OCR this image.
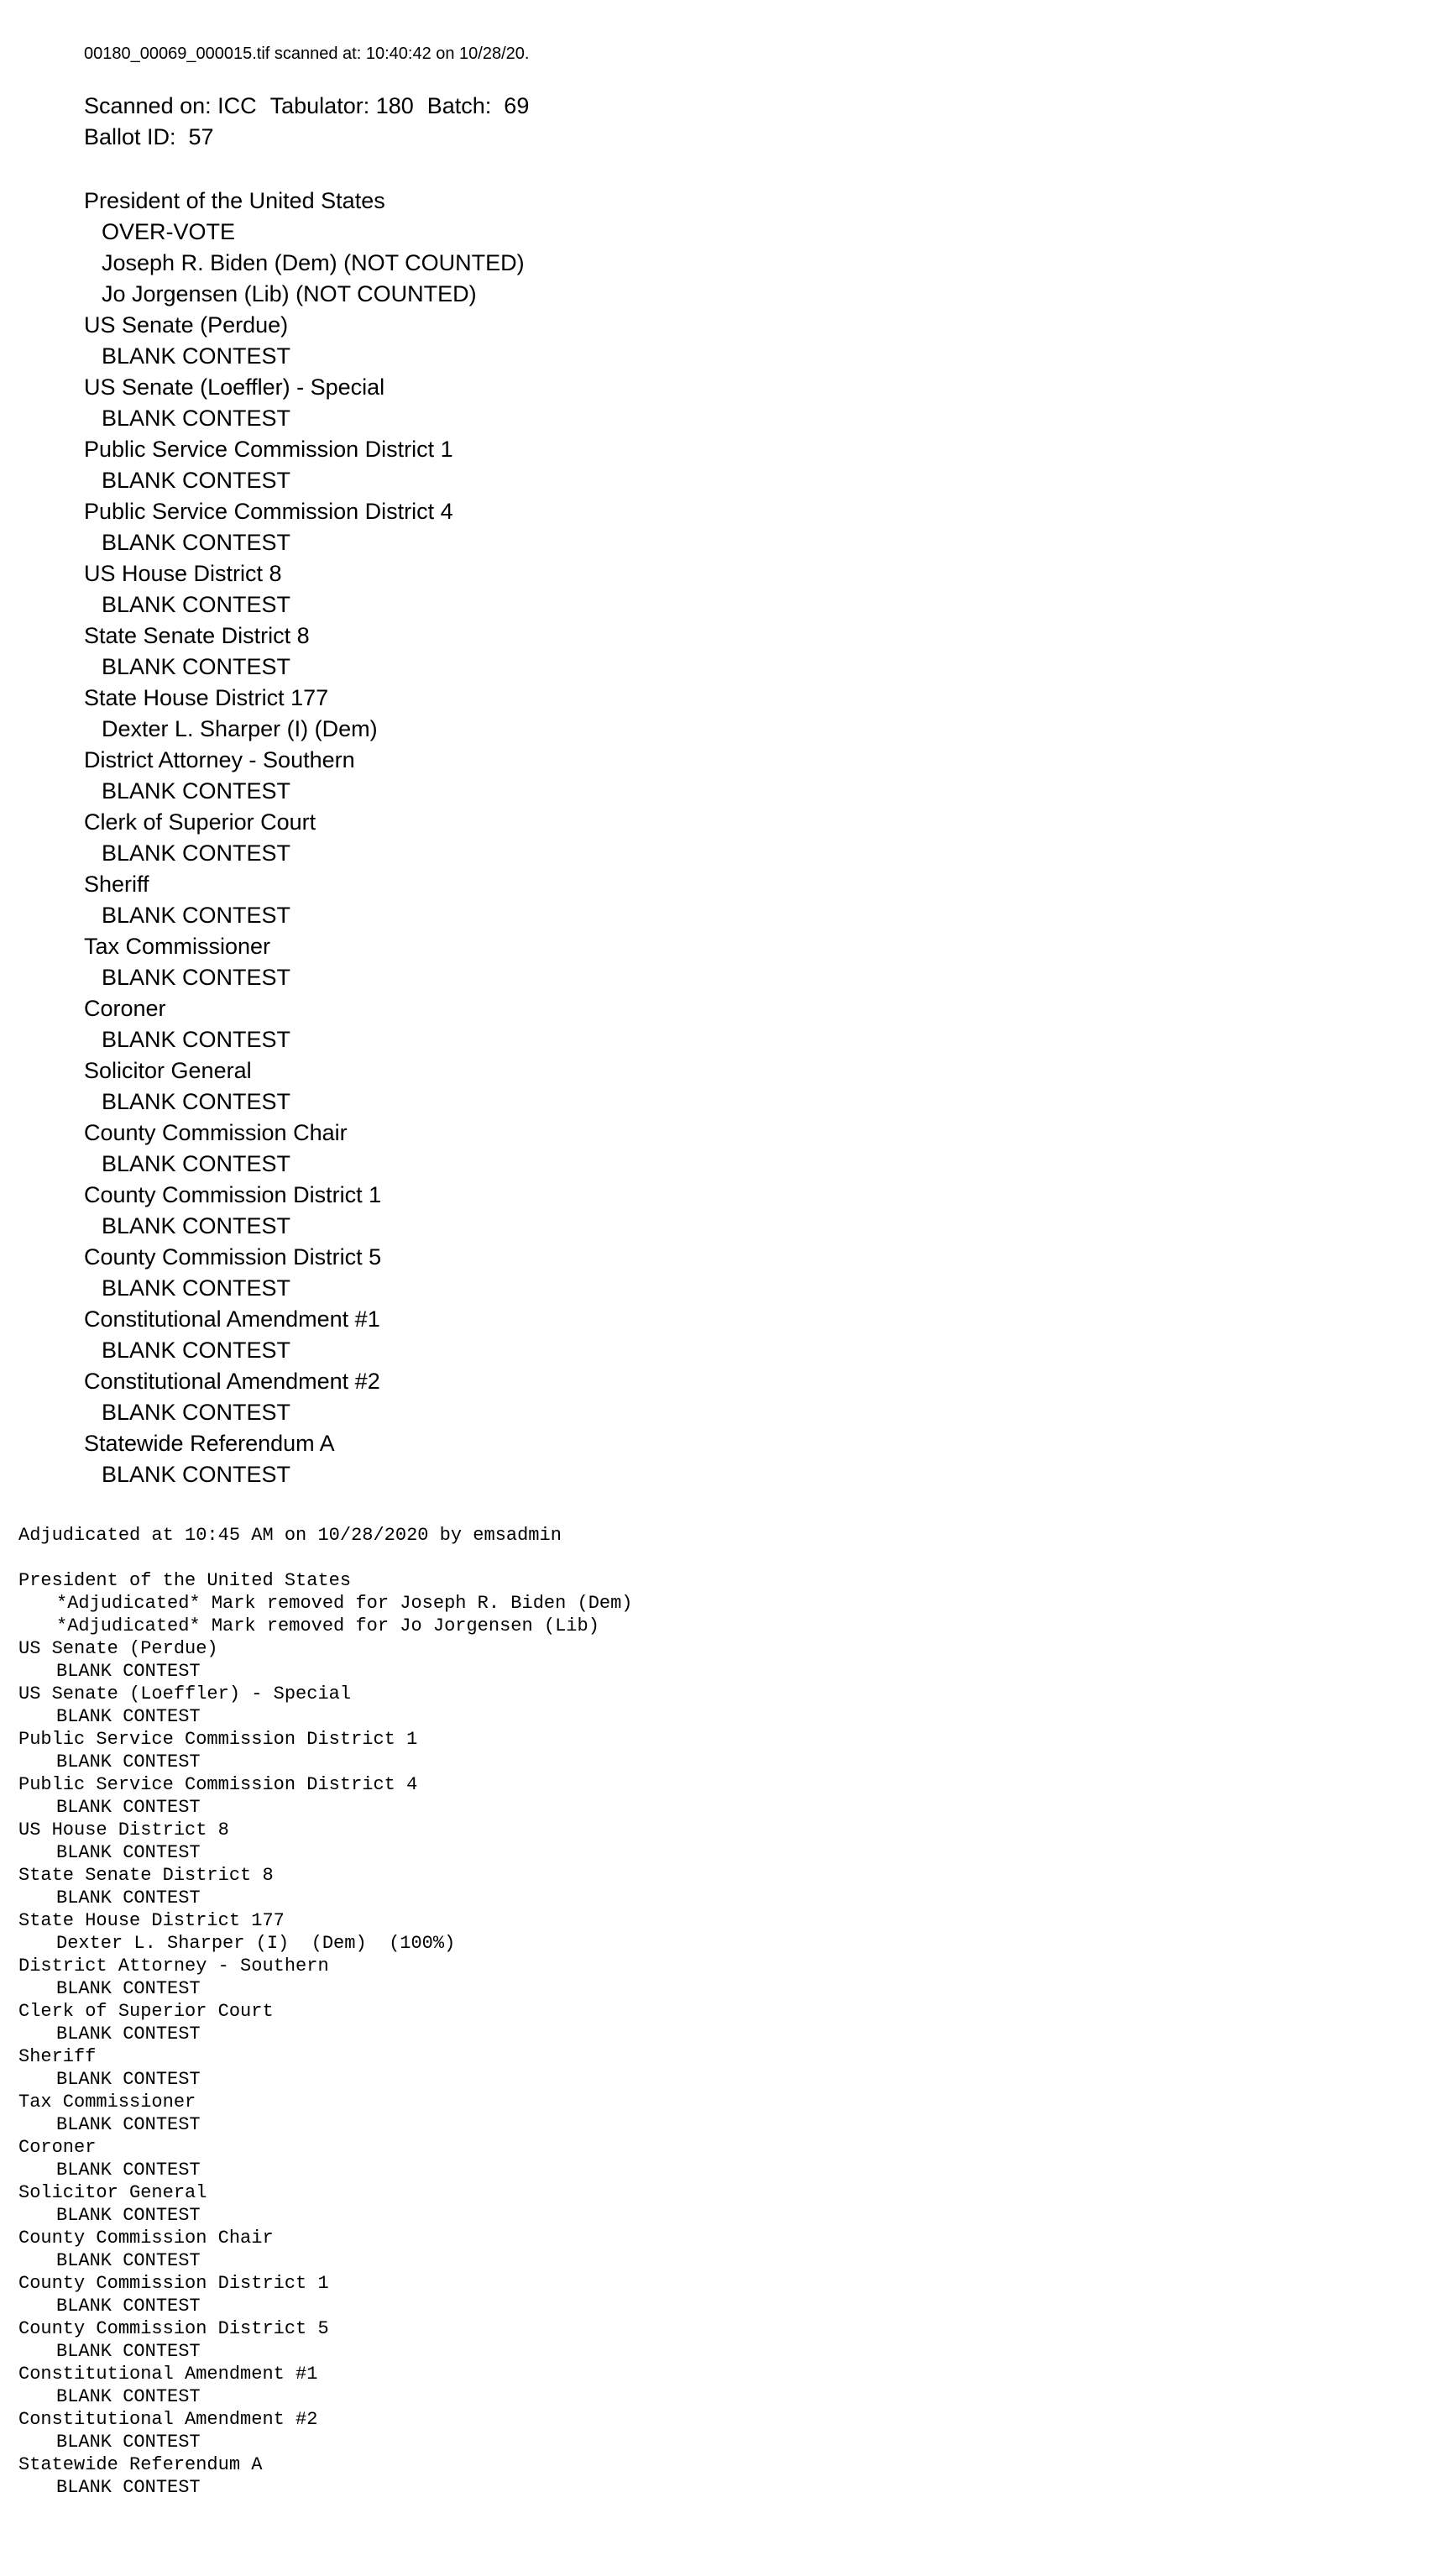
00180_00069_000015.tif scanned at: 10:40:42 on 10/28/20.
Scanned on: ICC Tabulator: 180 Batch:  69
Ballot ID:  57
President of the United States
OVER-VOTE
Joseph R. Biden (Dem) (NOT COUNTED)
Jo Jorgensen (Lib) (NOT COUNTED)
US Senate (Perdue)
BLANK CONTEST
US Senate (Loeffler) - Special
BLANK CONTEST
Public Service Commission District 1
BLANK CONTEST
Public Service Commission District 4
BLANK CONTEST
US House District 8
BLANK CONTEST
State Senate District 8
BLANK CONTEST
State House District 177
Dexter L. Sharper (I) (Dem)
District Attorney - Southern
BLANK CONTEST
Clerk of Superior Court
BLANK CONTEST
Sheriff
BLANK CONTEST
Tax Commissioner
BLANK CONTEST
Coroner
BLANK CONTEST
Solicitor General
BLANK CONTEST
County Commission Chair
BLANK CONTEST
County Commission District 1
BLANK CONTEST
County Commission District 5
BLANK CONTEST
Constitutional Amendment #1
BLANK CONTEST
Constitutional Amendment #2
BLANK CONTEST
Statewide Referendum A
BLANK CONTEST
Adjudicated at 10:45 AM on 10/28/2020 by emsadmin
President of the United States
*Adjudicated* Mark removed for Joseph R. Biden (Dem)
*Adjudicated* Mark removed for Jo Jorgensen (Lib)
US Senate (Perdue)
BLANK CONTEST
US Senate (Loeffler) - Special
BLANK CONTEST
Public Service Commission District 1
BLANK CONTEST
Public Service Commission District 4
BLANK CONTEST
US House District 8
BLANK CONTEST
State Senate District 8
BLANK CONTEST
State House District 177
Dexter L. Sharper (I)  (Dem)  (100%)
District Attorney - Southern
BLANK CONTEST
Clerk of Superior Court
BLANK CONTEST
Sheriff
BLANK CONTEST
Tax Commissioner
BLANK CONTEST
Coroner
BLANK CONTEST
Solicitor General
BLANK CONTEST
County Commission Chair
BLANK CONTEST
County Commission District 1
BLANK CONTEST
County Commission District 5
BLANK CONTEST
Constitutional Amendment #1
BLANK CONTEST
Constitutional Amendment #2
BLANK CONTEST
Statewide Referendum A
BLANK CONTEST
